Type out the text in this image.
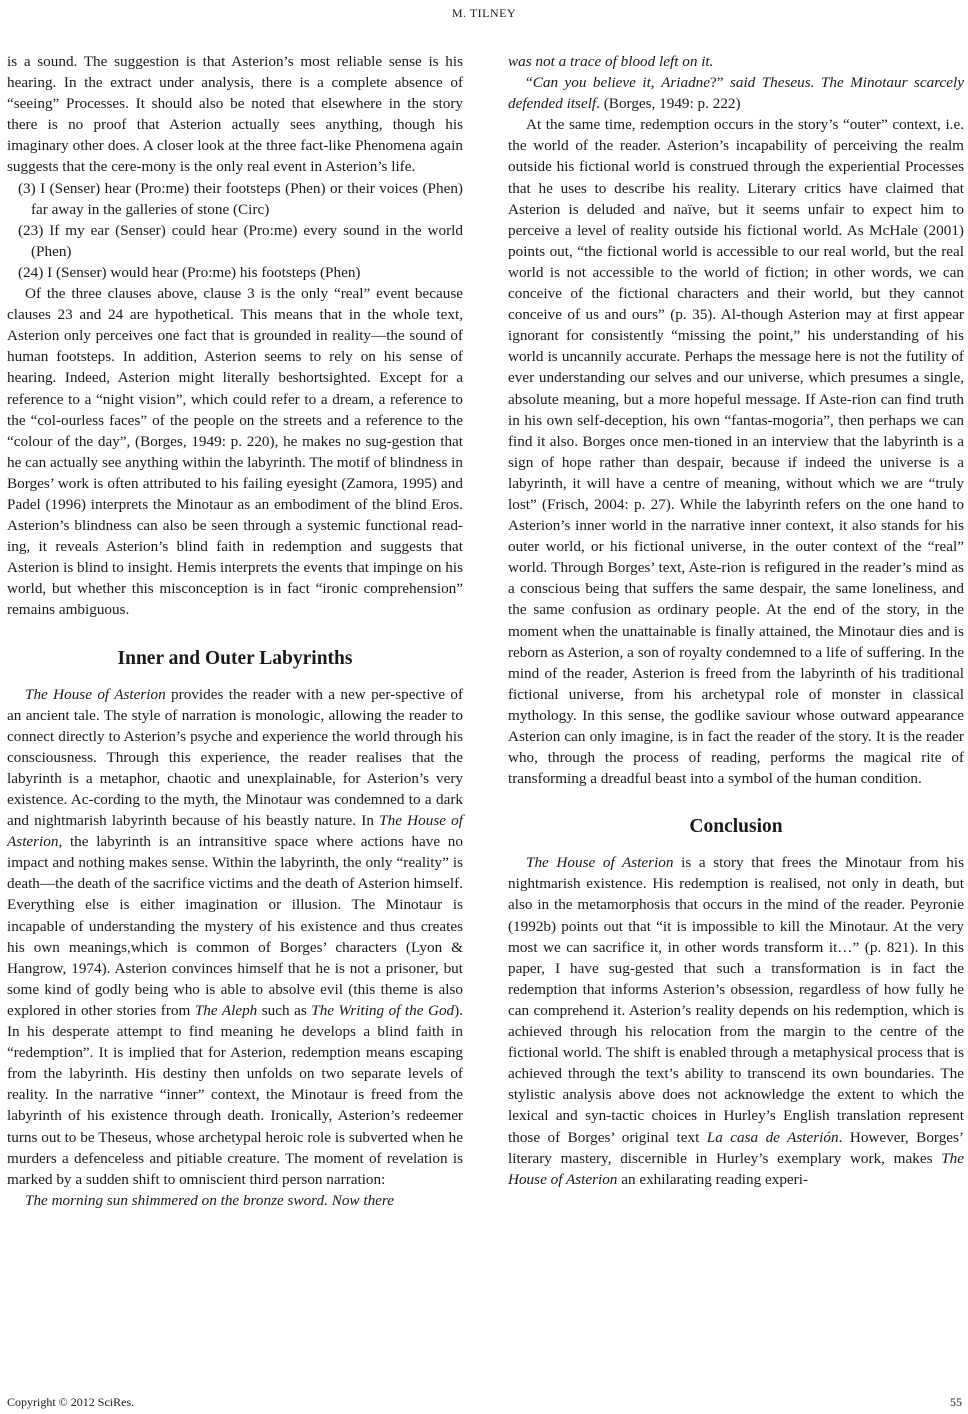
M. TILNEY

is a sound. The suggestion is that Asterion’s most reliable sense is his hearing. In the extract under analysis, there is a complete absence of “seeing” Processes. It should also be noted that elsewhere in the story there is no proof that Asterion actually sees anything, though his imaginary other does. A closer look at the three fact-like Phenomena again suggests that the cere-mony is the only real event in Asterion’s life.

(3) I (Senser) hear (Pro:me) their footsteps (Phen) or their voices (Phen) far away in the galleries of stone (Circ)

(23) If my ear (Senser) could hear (Pro:me) every sound in the world (Phen)

(24) I (Senser) would hear (Pro:me) his footsteps (Phen)

Of the three clauses above, clause 3 is the only “real” event because clauses 23 and 24 are hypothetical. This means that in the whole text, Asterion only perceives one fact that is grounded in reality—the sound of human footsteps. In addition, Asterion seems to rely on his sense of hearing. Indeed, Asterion might literally beshortsighted. Except for a reference to a “night vision”, which could refer to a dream, a reference to the “col-ourless faces” of the people on the streets and a reference to the “colour of the day”, (Borges, 1949: p. 220), he makes no sug-gestion that he can actually see anything within the labyrinth. The motif of blindness in Borges’ work is often attributed to his failing eyesight (Zamora, 1995) and Padel (1996) interprets the Minotaur as an embodiment of the blind Eros. Asterion’s blindness can also be seen through a systemic functional read-ing, it reveals Asterion’s blind faith in redemption and suggests that Asterion is blind to insight. Hemis interprets the events that impinge on his world, but whether this misconception is in fact “ironic comprehension” remains ambiguous.

Inner and Outer Labyrinths

The House of Asterion provides the reader with a new per-spective of an ancient tale. The style of narration is monologic, allowing the reader to connect directly to Asterion’s psyche and experience the world through his consciousness. Through this experience, the reader realises that the labyrinth is a metaphor, chaotic and unexplainable, for Asterion’s very existence. Ac-cording to the myth, the Minotaur was condemned to a dark and nightmarish labyrinth because of his beastly nature. In The House of Asterion, the labyrinth is an intransitive space where actions have no impact and nothing makes sense. Within the labyrinth, the only “reality” is death—the death of the sacrifice victims and the death of Asterion himself. Everything else is either imagination or illusion. The Minotaur is incapable of understanding the mystery of his existence and thus creates his own meanings,which is common of Borges’ characters (Lyon & Hangrow, 1974). Asterion convinces himself that he is not a prisoner, but some kind of godly being who is able to absolve evil (this theme is also explored in other stories from The Aleph such as The Writing of the God). In his desperate attempt to find meaning he develops a blind faith in “redemption”. It is implied that for Asterion, redemption means escaping from the labyrinth. His destiny then unfolds on two separate levels of reality. In the narrative “inner” context, the Minotaur is freed from the labyrinth of his existence through death. Ironically, Asterion’s redeemer turns out to be Theseus, whose archetypal heroic role is subverted when he murders a defenceless and pitiable creature. The moment of revelation is marked by a sudden shift to omniscient third person narration:

The morning sun shimmered on the bronze sword. Now there

was not a trace of blood left on it.

“Can you believe it, Ariadne?” said Theseus. The Minotaur scarcely defended itself. (Borges, 1949: p. 222)

At the same time, redemption occurs in the story’s “outer” context, i.e. the world of the reader. Asterion’s incapability of perceiving the realm outside his fictional world is construed through the experiential Processes that he uses to describe his reality. Literary critics have claimed that Asterion is deluded and naïve, but it seems unfair to expect him to perceive a level of reality outside his fictional world. As McHale (2001) points out, “the fictional world is accessible to our real world, but the real world is not accessible to the world of fiction; in other words, we can conceive of the fictional characters and their world, but they cannot conceive of us and ours” (p. 35). Al-though Asterion may at first appear ignorant for consistently “missing the point,” his understanding of his world is uncannily accurate. Perhaps the message here is not the futility of ever understanding our selves and our universe, which presumes a single, absolute meaning, but a more hopeful message. If Aste-rion can find truth in his own self-deception, his own “fantas-mogoria”, then perhaps we can find it also. Borges once men-tioned in an interview that the labyrinth is a sign of hope rather than despair, because if indeed the universe is a labyrinth, it will have a centre of meaning, without which we are “truly lost” (Frisch, 2004: p. 27). While the labyrinth refers on the one hand to Asterion’s inner world in the narrative inner context, it also stands for his outer world, or his fictional universe, in the outer context of the “real” world. Through Borges’ text, Aste-rion is refigured in the reader’s mind as a conscious being that suffers the same despair, the same loneliness, and the same confusion as ordinary people. At the end of the story, in the moment when the unattainable is finally attained, the Minotaur dies and is reborn as Asterion, a son of royalty condemned to a life of suffering. In the mind of the reader, Asterion is freed from the labyrinth of his traditional fictional universe, from his archetypal role of monster in classical mythology. In this sense, the godlike saviour whose outward appearance Asterion can only imagine, is in fact the reader of the story. It is the reader who, through the process of reading, performs the magical rite of transforming a dreadful beast into a symbol of the human condition.

Conclusion

The House of Asterion is a story that frees the Minotaur from his nightmarish existence. His redemption is realised, not only in death, but also in the metamorphosis that occurs in the mind of the reader. Peyronie (1992b) points out that “it is impossible to kill the Minotaur. At the very most we can sacrifice it, in other words transform it…” (p. 821). In this paper, I have sug-gested that such a transformation is in fact the redemption that informs Asterion’s obsession, regardless of how fully he can comprehend it. Asterion’s reality depends on his redemption, which is achieved through his relocation from the margin to the centre of the fictional world. The shift is enabled through a metaphysical process that is achieved through the text’s ability to transcend its own boundaries. The stylistic analysis above does not acknowledge the extent to which the lexical and syn-tactic choices in Hurley’s English translation represent those of Borges’ original text La casa de Asterión. However, Borges’ literary mastery, discernible in Hurley’s exemplary work, makes The House of Asterion an exhilarating reading experi-

Copyright © 2012 SciRes.	55
